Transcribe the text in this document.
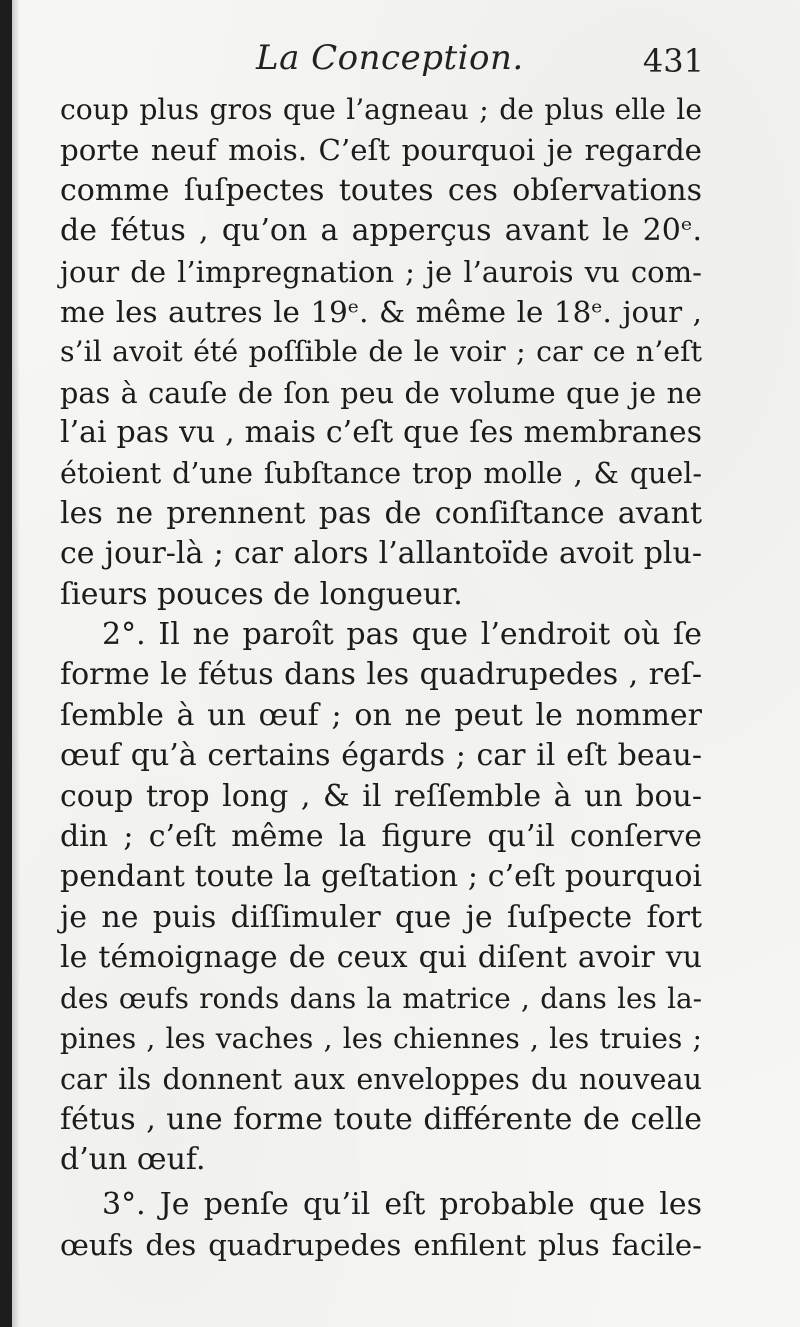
La Conception.	431
coup plus gros que l’agneau ; de plus elle le
porte neuf mois. C’eſt pourquoi je regarde
comme ſuſpectes toutes ces obſervations
de fétus , qu’on a apperçus avant le 20ᵉ.
jour de l’impregnation ; je l’aurois vu com-
me les autres le 19ᵉ. & même le 18ᵉ. jour ,
s’il avoit été poſſible de le voir ; car ce n’eſt
pas à cauſe de ſon peu de volume que je ne
l’ai pas vu , mais c’eſt que ſes membranes
étoient d’une ſubſtance trop molle , & quel-
les ne prennent pas de conſiſtance avant
ce jour-là ; car alors l’allantoïde avoit plu-
ſieurs pouces de longueur.
2°. Il ne paroît pas que l’endroit où ſe
forme le fétus dans les quadrupedes , reſ-
ſemble à un œuf ; on ne peut le nommer
œuf qu’à certains égards ; car il eſt beau-
coup trop long , & il reſſemble à un bou-
din ; c’eſt même la figure qu’il conſerve
pendant toute la geſtation ; c’eſt pourquoi
je ne puis diſſimuler que je ſuſpecte fort
le témoignage de ceux qui diſent avoir vu
des œufs ronds dans la matrice , dans les la-
pines , les vaches , les chiennes , les truies ;
car ils donnent aux enveloppes du nouveau
fétus , une forme toute différente de celle
d’un œuf.
3°. Je penſe qu’il eſt probable que les
œufs des quadrupedes enfilent plus facile-
